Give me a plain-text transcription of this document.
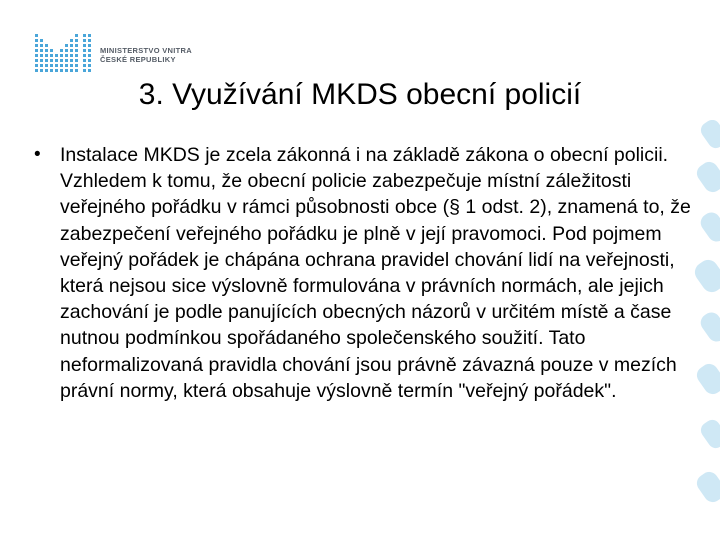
MINISTERSTVO VNITRA
ČESKÉ REPUBLIKY
3. Využívání MKDS obecní policií
• Instalace MKDS je zcela zákonná i na základě zákona o obecní policii. Vzhledem k tomu, že obecní policie zabezpečuje místní záležitosti veřejného pořádku v rámci působnosti obce (§ 1 odst. 2), znamená to, že zabezpečení veřejného pořádku je plně v její pravomoci. Pod pojmem veřejný pořádek je chápána ochrana pravidel chování lidí na veřejnosti, která nejsou sice výslovně formulována v právních normách, ale jejich zachování je podle panujících obecných názorů v určitém místě a čase nutnou podmínkou spořádaného společenského soužití. Tato neformalizovaná pravidla chování jsou právně závazná pouze v mezích právní normy, která obsahuje výslovně termín "veřejný pořádek".
